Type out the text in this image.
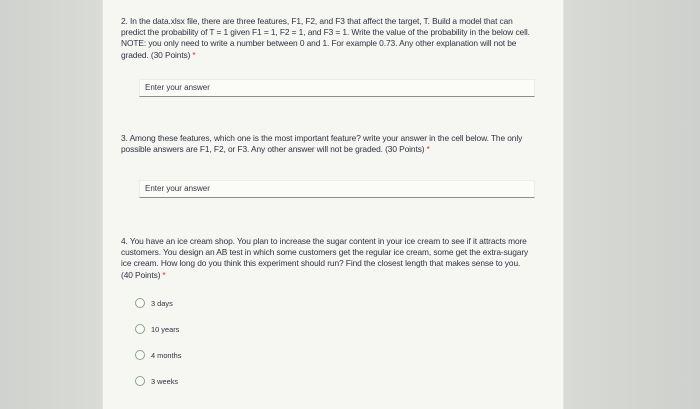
2. In the data.xlsx file, there are three features, F1, F2, and F3 that affect the target, T. Build a model that can predict the probability of T = 1 given F1 = 1, F2 = 1, and F3 = 1. Write the value of the probability in the below cell. NOTE: you only need to write a number between 0 and 1. For example 0.73. Any other explanation will not be graded. (30 Points) *
Enter your answer
3. Among these features, which one is the most important feature? write your answer in the cell below. The only possible answers are F1, F2, or F3. Any other answer will not be graded. (30 Points) *
Enter your answer
4. You have an ice cream shop. You plan to increase the sugar content in your ice cream to see if it attracts more customers. You design an AB test in which some customers get the regular ice cream, some get the extra-sugary ice cream. How long do you think this experiment should run? Find the closest length that makes sense to you. (40 Points) *
3 days
10 years
4 months
3 weeks
